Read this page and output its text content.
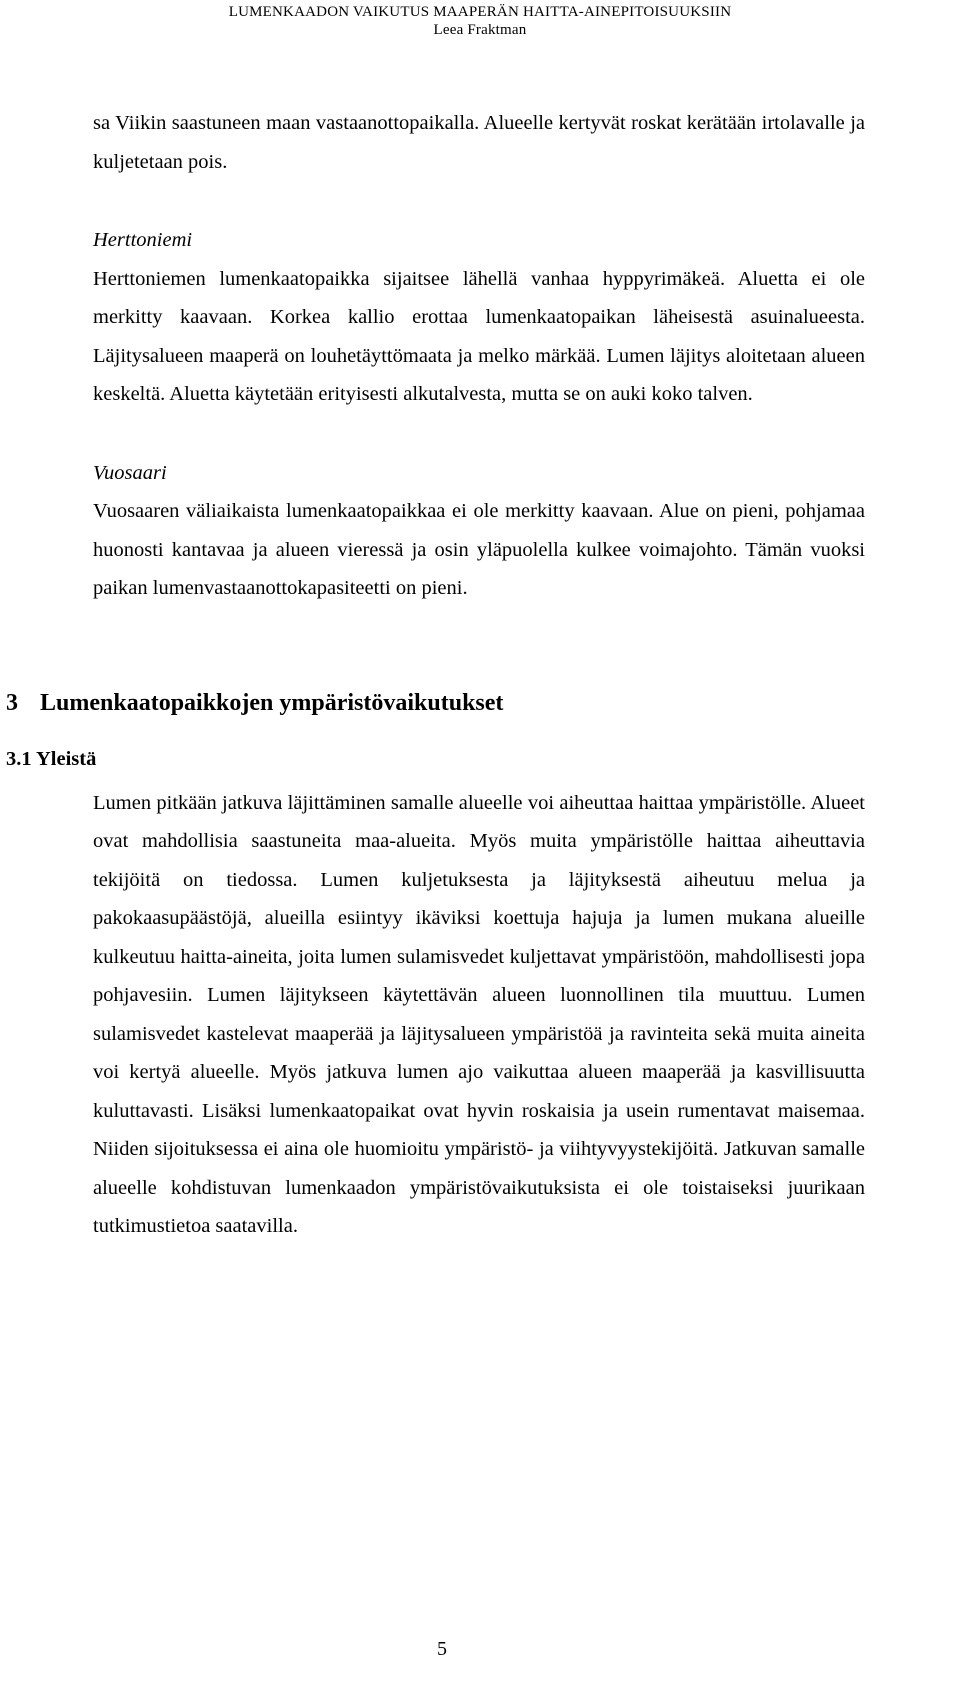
LUMENKAADON VAIKUTUS MAAPERÄN HAITTA-AINEPITOISUUKSIIN
Leea Fraktman

sa Viikin saastuneen maan vastaanottopaikalla. Alueelle kertyvät roskat kerätään irtolavalle ja kuljetetaan pois.

Herttoniemi

Herttoniemen lumenkaatopaikka sijaitsee lähellä vanhaa hyppyrimäkeä. Aluetta ei ole merkitty kaavaan. Korkea kallio erottaa lumenkaatopaikan läheisestä asuinalueesta. Läjitysalueen maaperä on louhetäyttömaata ja melko märkää. Lumen läjitys aloitetaan alueen keskeltä. Aluetta käytetään erityisesti alkutalvesta, mutta se on auki koko talven.

Vuosaari

Vuosaaren väliaikaista lumenkaatopaikkaa ei ole merkitty kaavaan. Alue on pieni, pohjamaa huonosti kantavaa ja alueen vieressä ja osin yläpuolella kulkee voimajohto. Tämän vuoksi paikan lumenvastaanottokapasiteetti on pieni.

3 Lumenkaatopaikkojen ympäristövaikutukset
3.1 Yleistä

Lumen pitkään jatkuva läjittäminen samalle alueelle voi aiheuttaa haittaa ympäristölle. Alueet ovat mahdollisia saastuneita maa-alueita. Myös muita ympäristölle haittaa aiheuttavia tekijöitä on tiedossa. Lumen kuljetuksesta ja läjityksestä aiheutuu melua ja pakokaasupäästöjä, alueilla esiintyy ikäviksi koettuja hajuja ja lumen mukana alueille kulkeutuu haitta-aineita, joita lumen sulamisvedet kuljettavat ympäristöön, mahdollisesti jopa pohjavesiin. Lumen läjitykseen käytettävän alueen luonnollinen tila muuttuu. Lumen sulamisvedet kastelevat maaperää ja läjitysalueen ympäristöä ja ravinteita sekä muita aineita voi kertyä alueelle. Myös jatkuva lumen ajo vaikuttaa alueen maaperää ja kasvillisuutta kuluttavasti. Lisäksi lumenkaatopaikat ovat hyvin roskaisia ja usein rumentavat maisemaa. Niiden sijoituksessa ei aina ole huomioitu ympäristö- ja viihtyvyystekijöitä. Jatkuvan samalle alueelle kohdistuvan lumenkaadon ympäristövaikutuksista ei ole toistaiseksi juurikaan tutkimustietoa saatavilla.

5
